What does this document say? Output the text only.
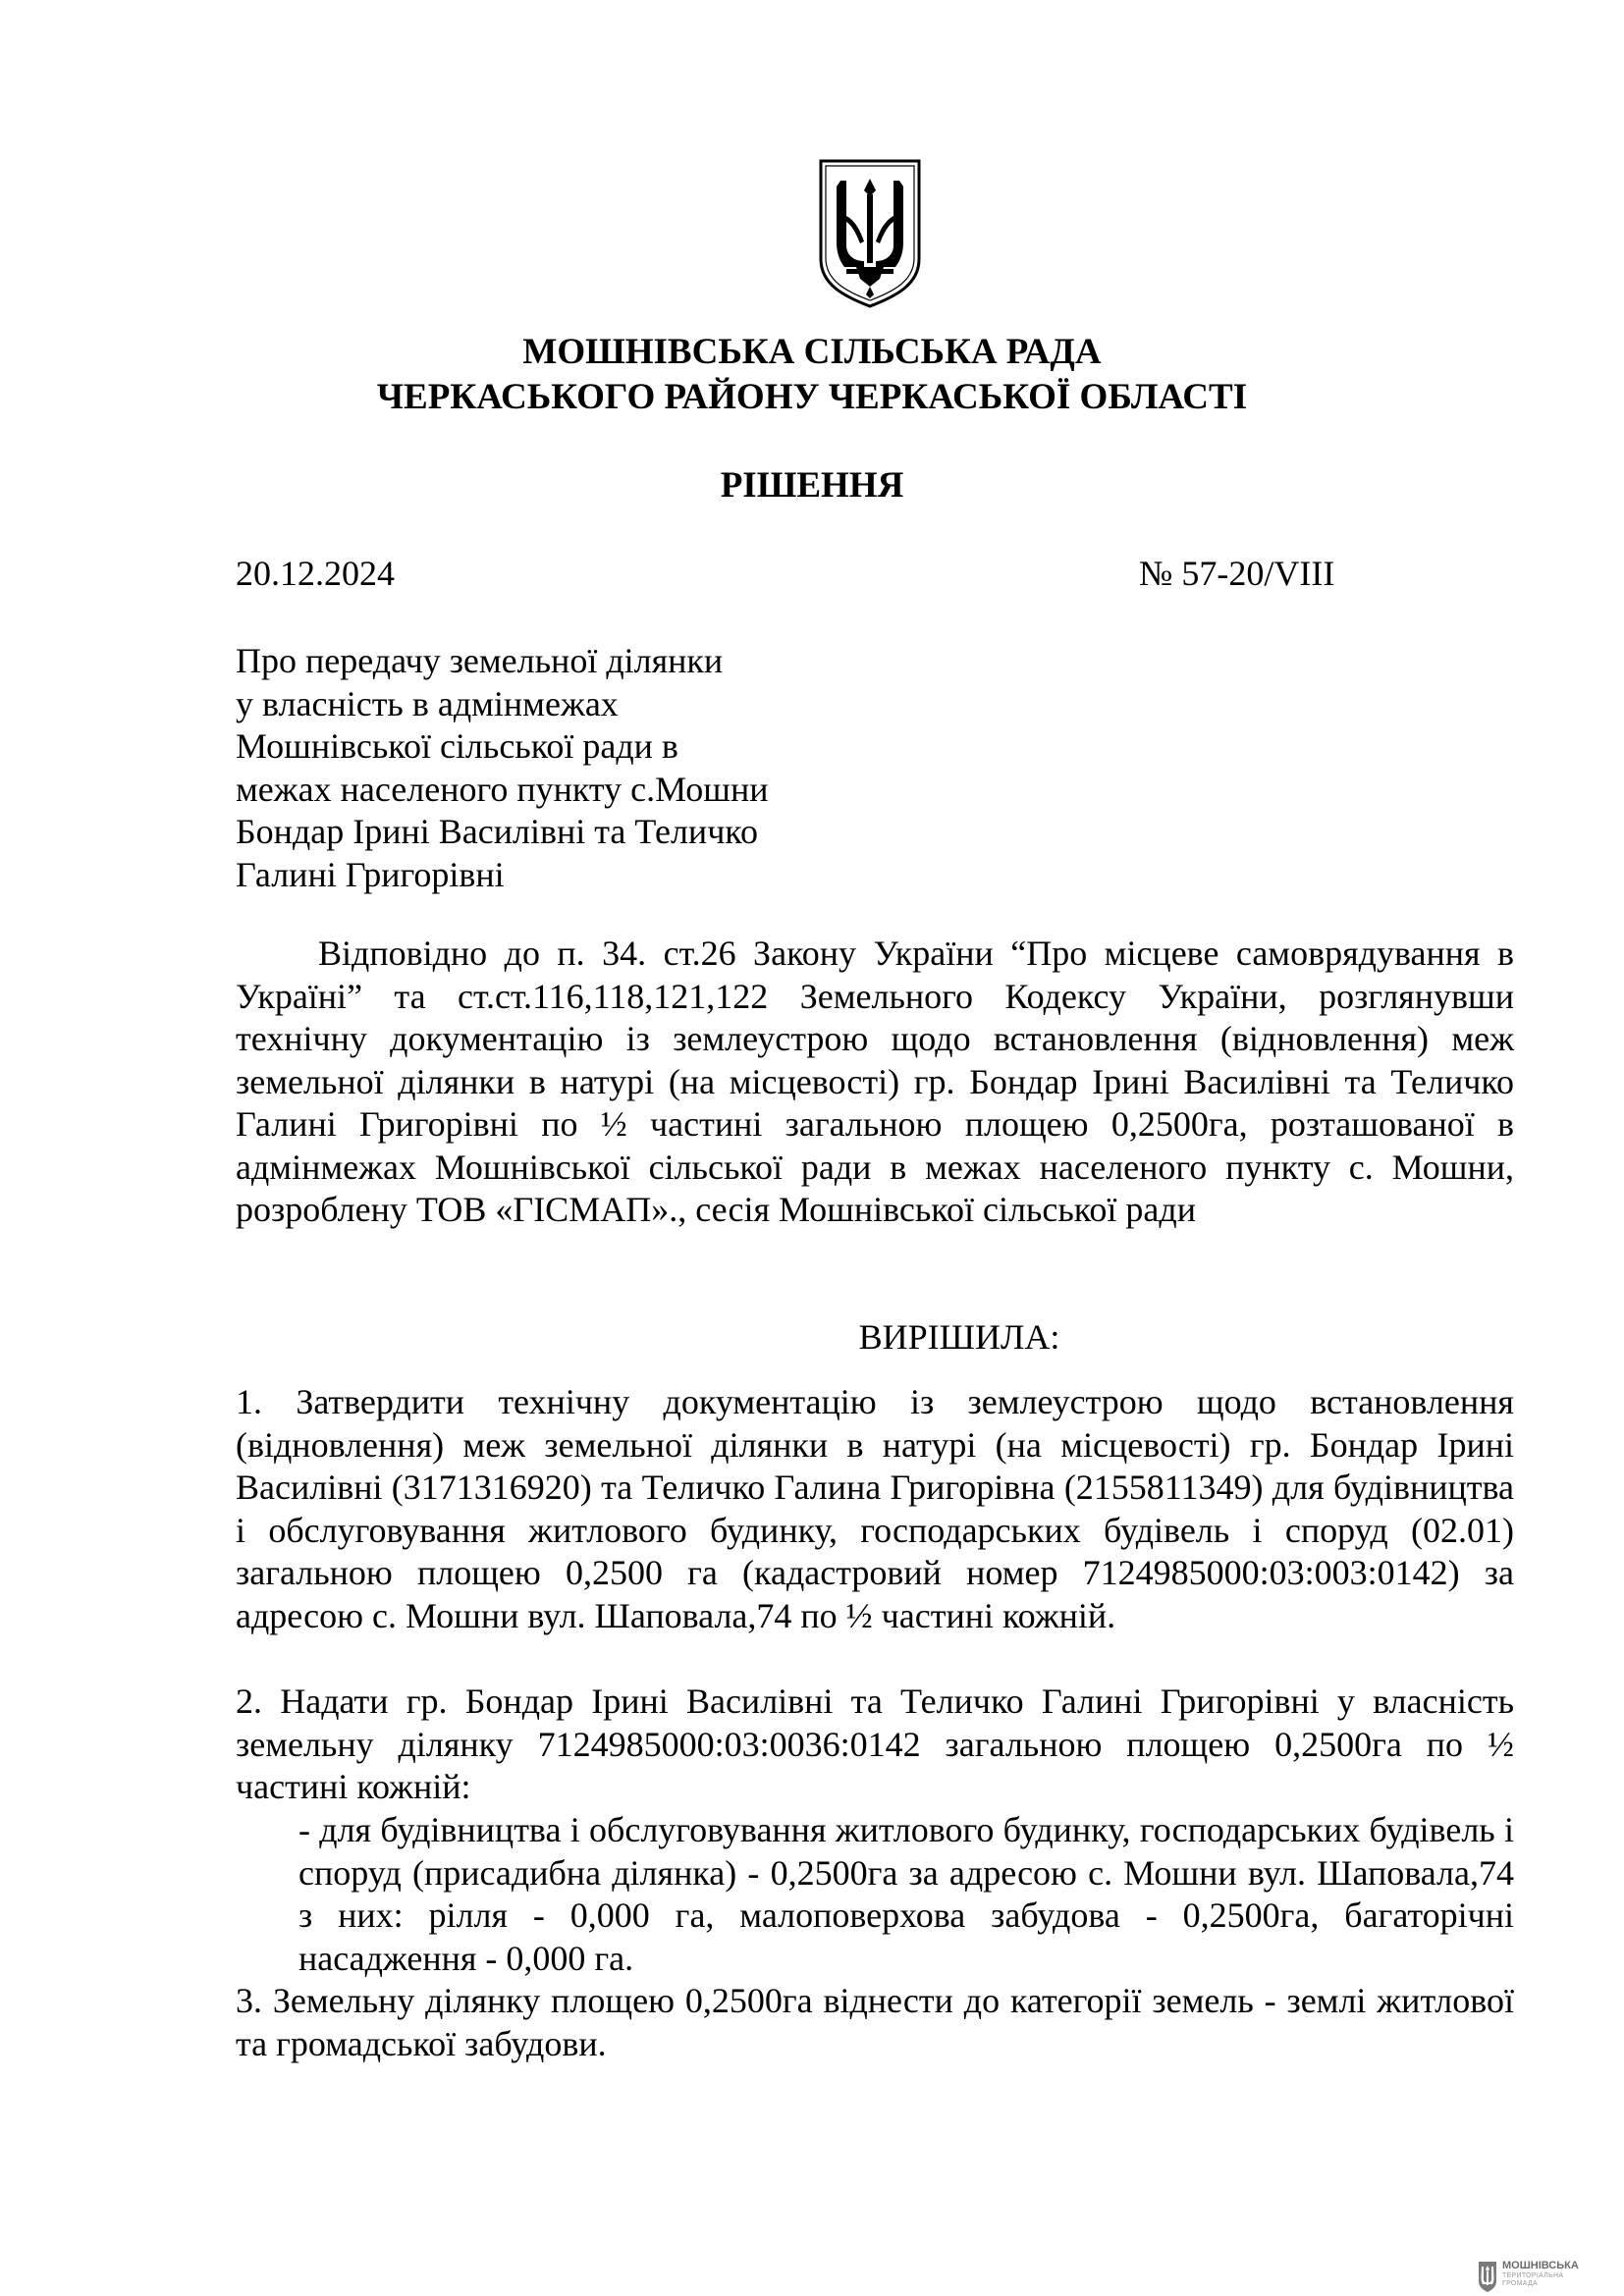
МОШНІВСЬКА СІЛЬСЬКА РАДА
ЧЕРКАСЬКОГО РАЙОНУ ЧЕРКАСЬКОЇ ОБЛАСТІ
РІШЕННЯ
20.12.2024	№ 57-20/VIII
Про передачу земельної ділянки
у власність в адмінмежах
Мошнівської сільської ради в
межах населеного пункту с.Мошни
Бондар Ірині Василівні та Теличко
Галині Григорівні
Відповідно до п. 34. ст.26 Закону України “Про місцеве самоврядування в Україні” та ст.ст.116,118,121,122 Земельного Кодексу України, розглянувши технічну документацію із землеустрою щодо встановлення (відновлення) меж земельної ділянки в натурі (на місцевості) гр. Бондар Ірині Василівні та Теличко Галині Григорівні по ½ частині загальною площею 0,2500га, розташованої в адмінмежах Мошнівської сільської ради в межах населеного пункту с. Мошни, розроблену ТОВ «ГІСМАП»., сесія Мошнівської сільської ради
ВИРІШИЛА:
1. Затвердити технічну документацію із землеустрою щодо встановлення (відновлення) меж земельної ділянки в натурі (на місцевості) гр. Бондар Ірині Василівні (3171316920) та Теличко Галина Григорівна (2155811349) для будівництва і обслуговування житлового будинку, господарських будівель і споруд (02.01) загальною площею 0,2500 га (кадастровий номер 7124985000:03:003:0142) за адресою с. Мошни вул. Шаповала,74 по ½ частині кожній.
2. Надати гр. Бондар Ірині Василівні та Теличко Галині Григорівні у власність земельну ділянку 7124985000:03:0036:0142 загальною площею 0,2500га по ½ частині кожній:
- для будівництва і обслуговування житлового будинку, господарських будівель і споруд (присадибна ділянка) - 0,2500га за адресою с. Мошни вул. Шаповала,74 з них: рілля - 0,000 га, малоповерхова забудова - 0,2500га, багаторічні насадження - 0,000 га.
3. Земельну ділянку площею 0,2500га віднести до категорії земель - землі житлової та громадської забудови.
МОШНІВСЬКА
ТЕРИТОРІАЛЬНА
ГРОМАДА
